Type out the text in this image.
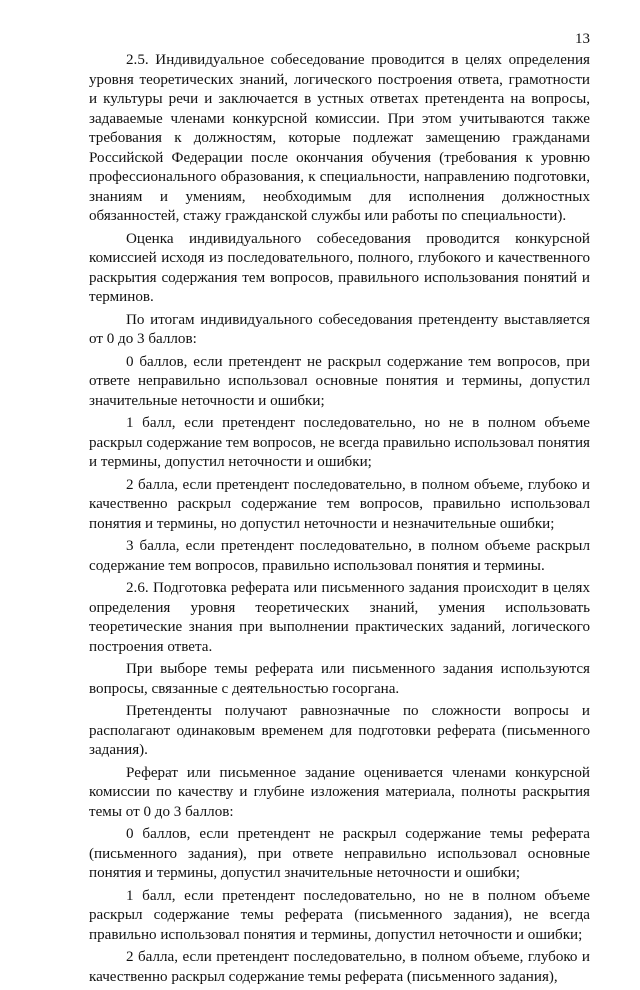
13

2.5. Индивидуальное собеседование проводится в целях определения уровня теоретических знаний, логического построения ответа, грамотности и культуры речи и заключается в устных ответах претендента на вопросы, задаваемые членами конкурсной комиссии. При этом учитываются также требования к должностям, которые подлежат замещению гражданами Российской Федерации после окончания обучения (требования к уровню профессионального образования, к специальности, направлению подготовки, знаниям и умениям, необходимым для исполнения должностных обязанностей, стажу гражданской службы или работы по специальности).

Оценка индивидуального собеседования проводится конкурсной комиссией исходя из последовательного, полного, глубокого и качественного раскрытия содержания тем вопросов, правильного использования понятий и терминов.

По итогам индивидуального собеседования претенденту выставляется от 0 до 3 баллов:

0 баллов, если претендент не раскрыл содержание тем вопросов, при ответе неправильно использовал основные понятия и термины, допустил значительные неточности и ошибки;

1 балл, если претендент последовательно, но не в полном объеме раскрыл содержание тем вопросов, не всегда правильно использовал понятия и термины, допустил неточности и ошибки;

2 балла, если претендент последовательно, в полном объеме, глубоко и качественно раскрыл содержание тем вопросов, правильно использовал понятия и термины, но допустил неточности и незначительные ошибки;

3 балла, если претендент последовательно, в полном объеме раскрыл содержание тем вопросов, правильно использовал понятия и термины.

2.6. Подготовка реферата или письменного задания происходит в целях определения уровня теоретических знаний, умения использовать теоретические знания при выполнении практических заданий, логического построения ответа.

При выборе темы реферата или письменного задания используются вопросы, связанные с деятельностью госоргана.

Претенденты получают равнозначные по сложности вопросы и располагают одинаковым временем для подготовки реферата (письменного задания).

Реферат или письменное задание оценивается членами конкурсной комиссии по качеству и глубине изложения материала, полноты раскрытия темы от 0 до 3 баллов:

0 баллов, если претендент не раскрыл содержание темы реферата (письменного задания), при ответе неправильно использовал основные понятия и термины, допустил значительные неточности и ошибки;

1 балл, если претендент последовательно, но не в полном объеме раскрыл содержание темы реферата (письменного задания), не всегда правильно использовал понятия и термины, допустил неточности и ошибки;

2 балла, если претендент последовательно, в полном объеме, глубоко и качественно раскрыл содержание темы реферата (письменного задания),
